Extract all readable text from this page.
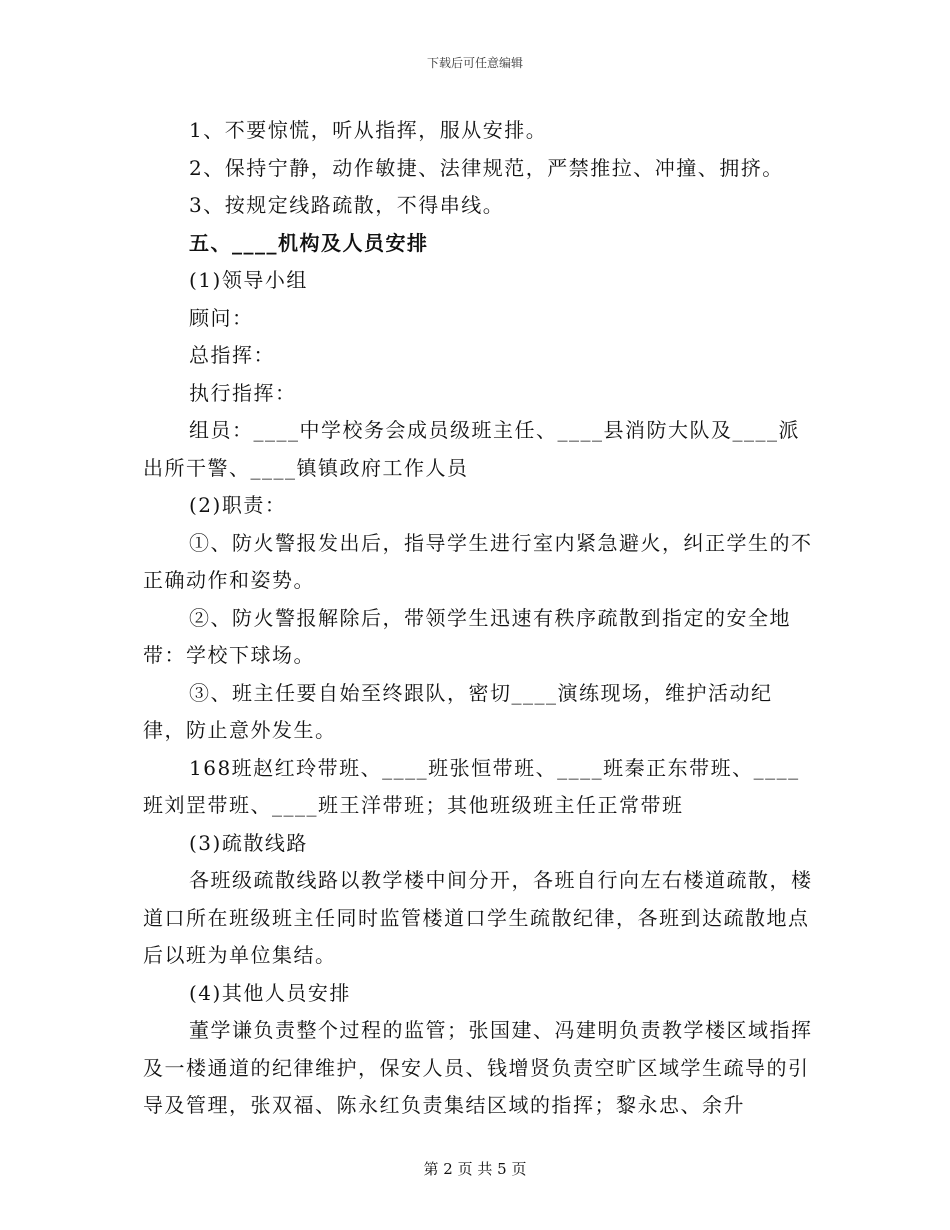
下载后可任意编辑

1、不要惊慌，听从指挥，服从安排。

2、保持宁静，动作敏捷、法律规范，严禁推拉、冲撞、拥挤。

3、按规定线路疏散，不得串线。

五、____机构及人员安排

(1)领导小组

顾问：

总指挥：

执行指挥：

组员：____中学校务会成员级班主任、____县消防大队及____派出所干警、____镇镇政府工作人员

(2)职责：

①、防火警报发出后，指导学生进行室内紧急避火，纠正学生的不正确动作和姿势。

②、防火警报解除后，带领学生迅速有秩序疏散到指定的安全地带：学校下球场。

③、班主任要自始至终跟队，密切____演练现场，维护活动纪律，防止意外发生。

168班赵红玲带班、____班张恒带班、____班秦正东带班、____班刘罡带班、____班王洋带班；其他班级班主任正常带班

(3)疏散线路

各班级疏散线路以教学楼中间分开，各班自行向左右楼道疏散，楼道口所在班级班主任同时监管楼道口学生疏散纪律，各班到达疏散地点后以班为单位集结。

(4)其他人员安排

董学谦负责整个过程的监管；张国建、冯建明负责教学楼区域指挥及一楼通道的纪律维护，保安人员、钱增贤负责空旷区域学生疏导的引导及管理，张双福、陈永红负责集结区域的指挥；黎永忠、余升

第 2 页 共 5 页
